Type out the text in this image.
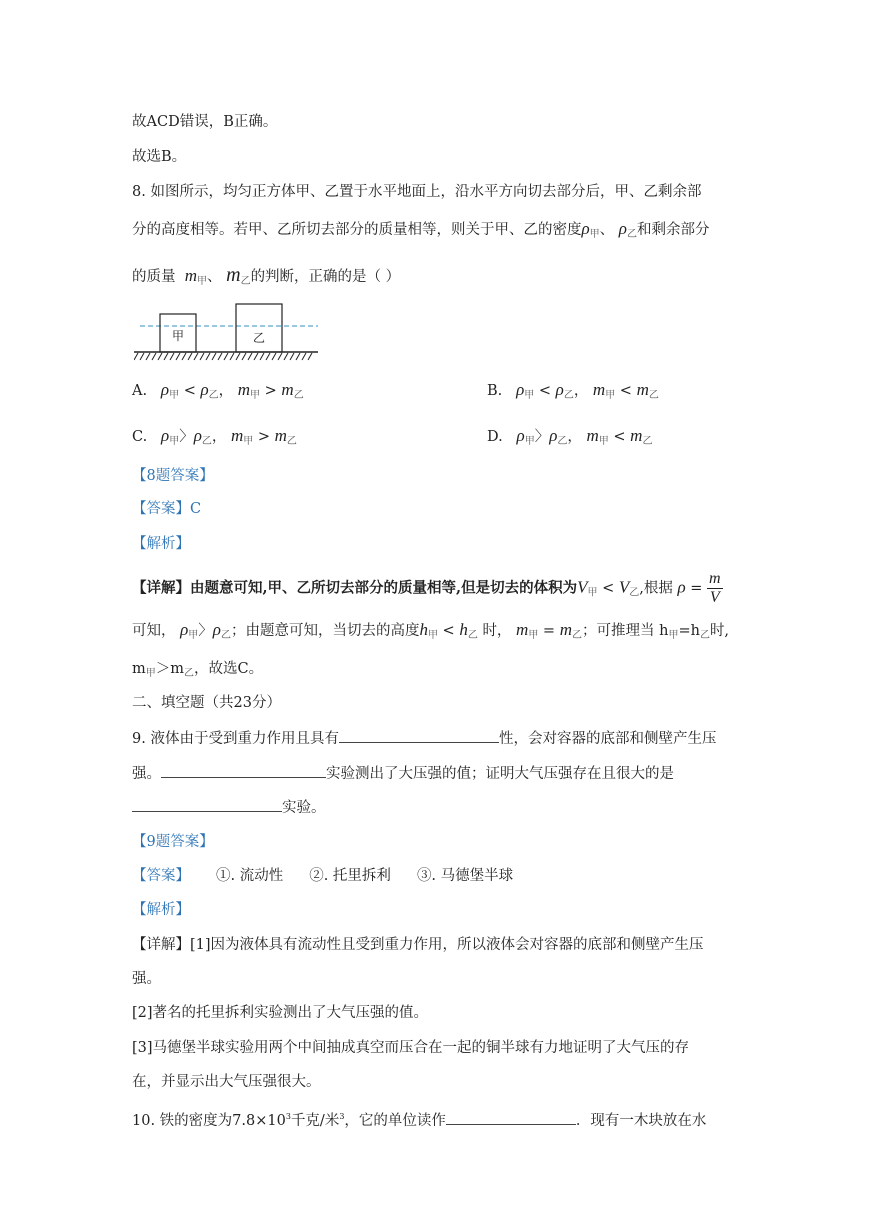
故ACD错误，B正确。
故选B。
8. 如图所示，均匀正方体甲、乙置于水平地面上，沿水平方向切去部分后，甲、乙剩余部
分的高度相等。若甲、乙所切去部分的质量相等，则关于甲、乙的密度$\rho_甲$、 $\rho_乙$和剩余部分
的质量 $m_甲$、 $m_乙$的判断，正确的是（ ）
甲	乙
A. $\rho_甲 < \rho_乙$， $m_甲 > m_乙$	B. $\rho_甲 < \rho_乙$， $m_甲 < m_乙$
C. $\rho_甲$〉$\rho_乙$， $m_甲 > m_乙$	D. $\rho_甲$〉$\rho_乙$， $m_甲 < m_乙$
【8题答案】
【答案】C
【解析】
【详解】由题意可知,甲、乙所切去部分的质量相等,但是切去的体积为$V_甲 < V_乙$,根据 $\rho = \frac{m}{V}$
可知， $\rho_甲$〉$\rho_乙$；由题意可知，当切去的高度$h_甲 < h_乙$ 时， $m_甲 = m_乙$；可推理当 $h_甲=h_乙$时,
$m_甲>m_乙$，故选C。
二、填空题（共23分）
9. 液体由于受到重力作用且具有	性，会对容器的底部和侧壁产生压
强。	实验测出了大压强的值；证明大气压强存在且很大的是
实验。
【9题答案】
【答案】 ①. 流动性 ②. 托里拆利 ③. 马德堡半球
【解析】
【详解】[1]因为液体具有流动性且受到重力作用，所以液体会对容器的底部和侧壁产生压
强。
[2]著名的托里拆利实验测出了大气压强的值。
[3]马德堡半球实验用两个中间抽成真空而压合在一起的铜半球有力地证明了大气压的存
在，并显示出大气压强很大。
10. 铁的密度为$7.8\times 10^3$千克/米$^3$，它的单位读作	．现有一木块放在水
